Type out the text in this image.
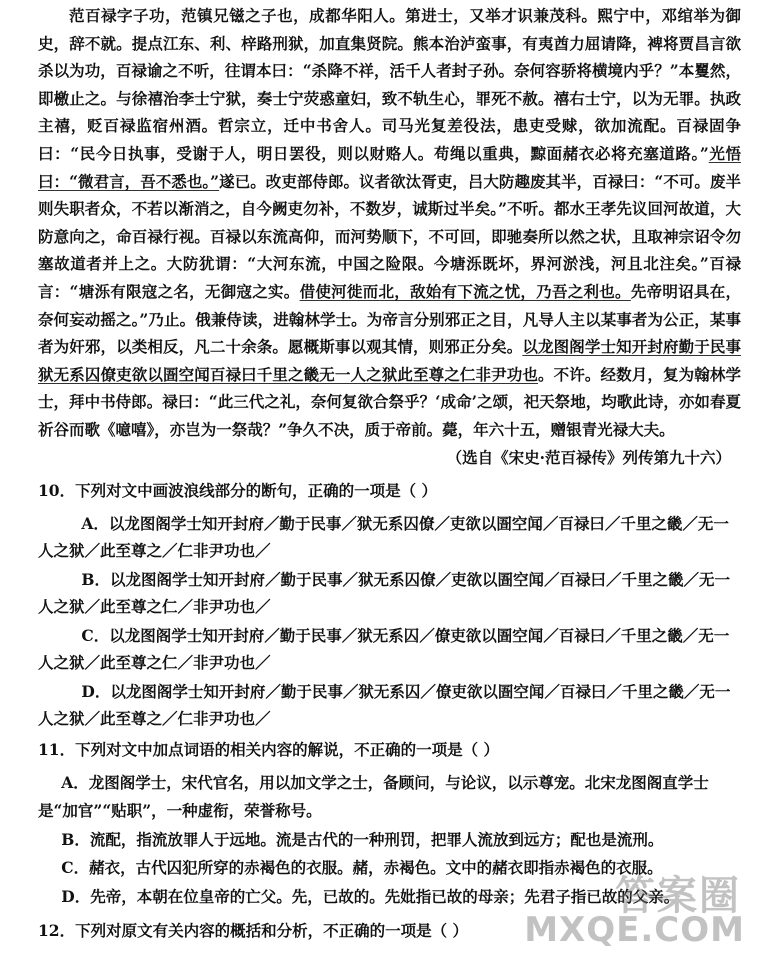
范百禄字子功，范镇兄镃之子也，成都华阳人。第进士，又举才识兼茂科。熙宁中，邓绾举为御史，辞不就。提点江东、利、梓路刑狱，加直集贤院。熊本治泸蛮事，有夷酋力屈请降，裨将贾昌言欲杀以为功，百禄谕之不听，往谓本曰：“杀降不祥，活千人者封子孙。奈何容骄将横境内乎？”本矍然，即檄止之。与徐禧治李士宁狱，奏士宁荧惑童妇，致不轨生心，罪死不赦。禧右士宁，以为无罪。执政主禧，贬百禄监宿州酒。哲宗立，迁中书舍人。司马光复差役法，患吏受赇，欲加流配。百禄固争曰：“民今日执事，受谢于人，明日罢役，则以财赂人。苟绳以重典，黥面赭衣必将充塞道路。”光悟曰：“微君言，吾不悉也。”遂已。改吏部侍郎。议者欲汰胥吏，吕大防趣废其半，百禄曰：“不可。废半则失职者众，不若以渐消之，自今阙吏勿补，不数岁，诚斯过半矣。”不听。都水王孝先议回河故道，大防意向之，命百禄行视。百禄以东流高仰，而河势顺下，不可回，即驰奏所以然之状，且取神宗诏令勿塞故道者并上之。大防犹谓：“大河东流，中国之险限。今塘泺既坏，界河淤浅，河且北注矣。”百禄言：“塘泺有限寇之名，无御寇之实。借使河徙而北，敌始有下流之忧，乃吾之利也。先帝明诏具在，奈何妄动摇之。”乃止。俄兼侍读，进翰林学士。为帝言分别邪正之目，凡导人主以某事者为公正，某事者为奸邪，以类相反，凡二十余条。愿概斯事以观其情，则邪正分矣。以龙图阁学士知开封府勤于民事狱无系囚僚吏欲以圄空闻百禄曰千里之畿无一人之狱此至尊之仁非尹功也。不许。经数月，复为翰林学士，拜中书侍郎。禄曰：“此三代之礼，奈何复欲合祭乎？‘成命’之颂，祀天祭地，均歌此诗，亦如春夏祈谷而歌《噫嘻》，亦岂为一祭哉？”争久不决，质于帝前。薨，年六十五，赠银青光禄大夫。

（选自《宋史·范百禄传》列传第九十六）
10．下列对文中画波浪线部分的断句，正确的一项是（ ）
A．以龙图阁学士知开封府／勤于民事／狱无系囚僚／吏欲以圄空闻／百禄曰／千里之畿／无一人之狱／此至尊之／仁非尹功也／
B．以龙图阁学士知开封府／勤于民事／狱无系囚僚／吏欲以圄空闻／百禄曰／千里之畿／无一人之狱／此至尊之仁／非尹功也／
C．以龙图阁学士知开封府／勤于民事／狱无系囚／僚吏欲以圄空闻／百禄曰／千里之畿／无一人之狱／此至尊之仁／非尹功也／
D．以龙图阁学士知开封府／勤于民事／狱无系囚／僚吏欲以圄空闻／百禄曰／千里之畿／无一人之狱／此至尊之／仁非尹功也／
11．下列对文中加点词语的相关内容的解说，不正确的一项是（ ）
A．龙图阁学士，宋代官名，用以加文学之士，备顾问，与论议，以示尊宠。北宋龙图阁直学士是“加官”“贴职”，一种虚衔，荣誉称号。
B．流配，指流放罪人于远地。流是古代的一种刑罚，把罪人流放到远方；配也是流刑。
C．赭衣，古代囚犯所穿的赤褐色的衣服。赭，赤褐色。文中的赭衣即指赤褐色的衣服。
D．先帝，本朝在位皇帝的亡父。先，已故的。先妣指已故的母亲；先君子指已故的父亲。
12．下列对原文有关内容的概括和分析，不正确的一项是（ ）
答案圈
MXQE.COM
